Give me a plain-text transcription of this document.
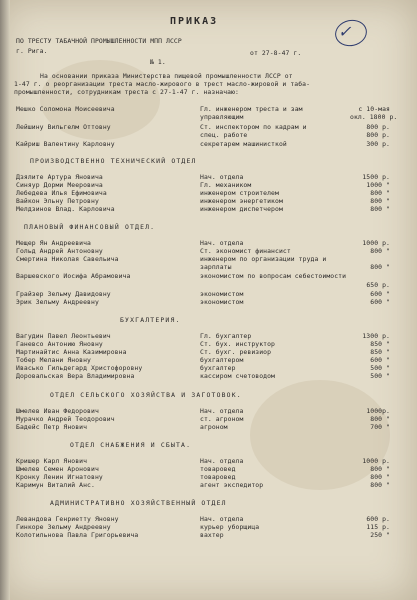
✓
ПРИКАЗ
ПО ТРЕСТУ ТАБАЧНОЙ ПРОМЫШЛЕННОСТИ МПП ЛССР
от 27-8-47 г.
г. Рига.
№ 1.
На основании приказа Министерства пищевой промышленности ЛССР от
1-47 г. о реорганизации треста масло-жирового в трест масло-жировой и таба-
промышленности, сотрудникам треста с 27-1-47 г. назначаю:
Мешко Соломона Моисеевича	Гл. инженером треста и зам	с 10-мая
управляющим	окл. 1800 р.
Лейшину Вильгелм Оттовну	Ст. инспектором по кадрам и	800 р.
спец. работе	800 р.
Кайриш Валентину Карловну	секретарем машинисткой	300 р.
ПРОИЗВОДСТВЕННО ТЕХНИЧЕСКИЙ ОТДЕЛ
Дзялите Артура Яновича	Нач. отдела	1500 р.
Синяур Дорми Мееровича	Гл. механиком	1000 "
Лебедева Илья Ефимовича	инженером строителем	800 "
Вайкон Эльну Петровну	инженером энергетиком	800 "
Мелдзинов Влад. Карловича	инженером диспетчером	800 "
ПЛАНОВЫЙ ФИНАНСОВЫЙ ОТДЕЛ.
Мещер Ян Андреевича	Нач. отдела	1000 р.
Гольд Андрей Антоновну	Ст. экономист финансист	800 "
Смертина Николая Савельича	инженером по организации труда и
зарплаты	800 "
Варшевского Иосифа Абрамовича	экономистом по вопросам себестоимости
650 р.
Грайзер Зельму Давидовну	экономистом	600 "
Эрик Зельму Андреевну	экономистом	600 "
БУХГАЛТЕРИЯ.
Вагудин Павел Леонтьевич	Гл. бухгалтер	1300 р.
Ганевсо Антонию Яновну	Ст. бух. инструктор	850 "
Мартинайтис Анна Казимировна	Ст. бухг. ревизиор	850 "
Тобер Мелани Яновну	бухгалтером	600 "
Ивасько Гильдегард Христофоровну	бухгалтер	500 "
Доровальская Вера Владимировна	кассиром счетоводом	500 "
ОТДЕЛ СЕЛЬСКОГО ХОЗЯЙСТВА И ЗАГОТОВОК.
Шмелев Иван Федорович	Нач. отдела	1000р.
Мурачко Андрей Теодорович	ст. агроном	800 "
Бадейс Петр Янович	агроном	700 "
ОТДЕЛ СНАБЖЕНИЯ И СБЫТА.
Кришер Карл Янович	Нач. отдела	1000 р.
Шмелев Семен Аронович	товаровед	800 "
Кронку Ленин Игнатовну	товаровед	800 "
Каримун Виталий Анс.	агент экспедитор	800 "
АДМИНИСТРАТИВНО ХОЗЯЙСТВЕННЫЙ ОТДЕЛ
Левандова Генриетту Яновну	Нач. отдела	600 р.
Гинкоре Зельму Андреевну	курьер уборщица	115 р.
Колотильнова Павла Григорьевича	вахтер	250 "
